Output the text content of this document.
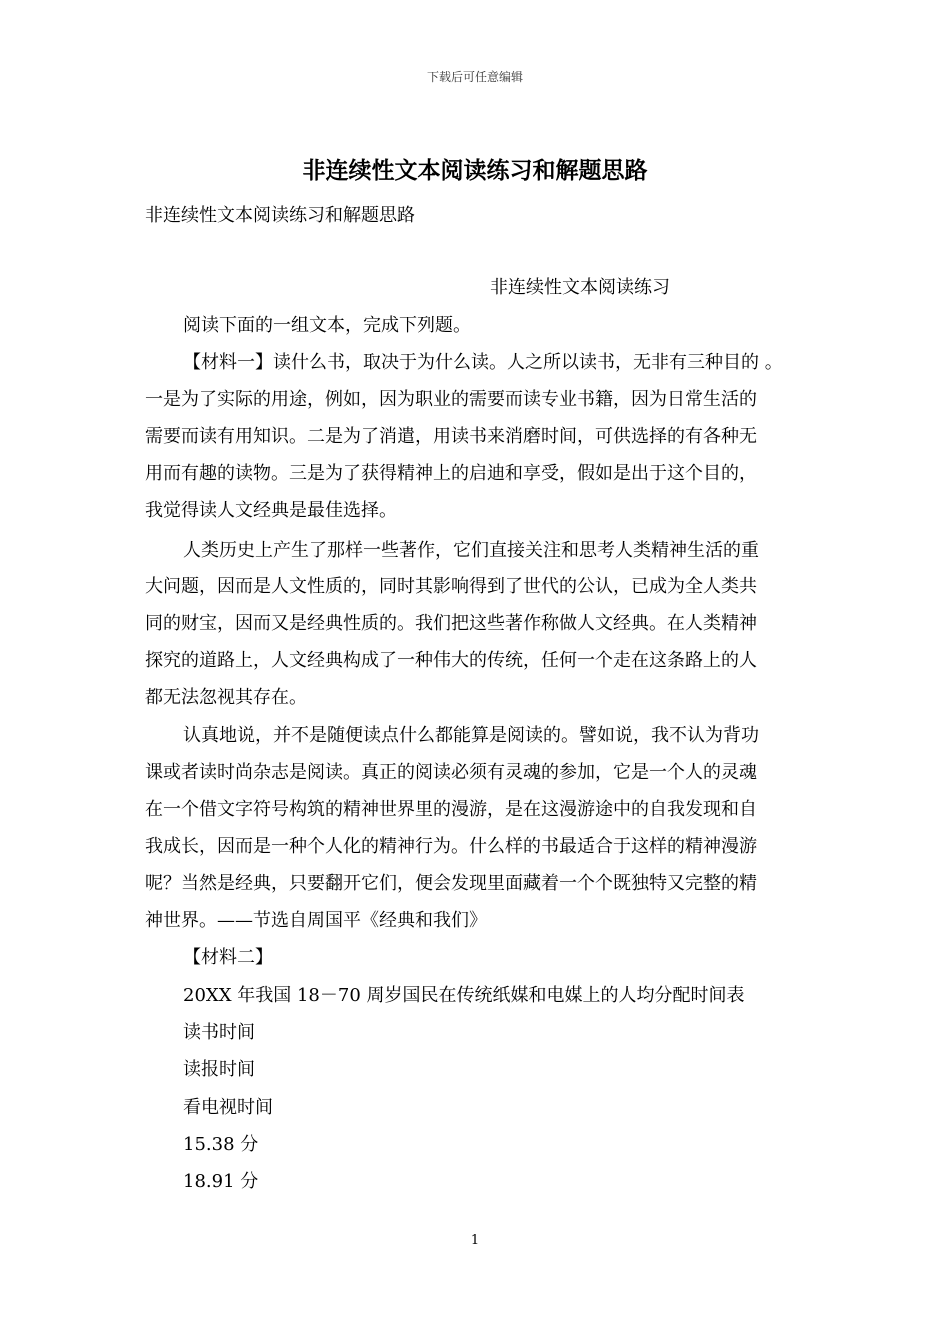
下载后可任意编辑
非连续性文本阅读练习和解题思路
非连续性文本阅读练习和解题思路
非连续性文本阅读练习
阅读下面的一组文本，完成下列题。
【材料一】读什么书，取决于为什么读。人之所以读书，无非有三种目的 。
一是为了实际的用途，例如，因为职业的需要而读专业书籍，因为日常生活的
需要而读有用知识。二是为了消遣，用读书来消磨时间，可供选择的有各种无
用而有趣的读物。三是为了获得精神上的启迪和享受，假如是出于这个目的，
我觉得读人文经典是最佳选择。
人类历史上产生了那样一些著作，它们直接关注和思考人类精神生活的重
大问题，因而是人文性质的，同时其影响得到了世代的公认，已成为全人类共
同的财宝，因而又是经典性质的。我们把这些著作称做人文经典。在人类精神
探究的道路上，人文经典构成了一种伟大的传统，任何一个走在这条路上的人
都无法忽视其存在。
认真地说，并不是随便读点什么都能算是阅读的。譬如说，我不认为背功
课或者读时尚杂志是阅读。真正的阅读必须有灵魂的参加，它是一个人的灵魂
在一个借文字符号构筑的精神世界里的漫游，是在这漫游途中的自我发现和自
我成长，因而是一种个人化的精神行为。什么样的书最适合于这样的精神漫游
呢？当然是经典，只要翻开它们，便会发现里面藏着一个个既独特又完整的精
神世界。——节选自周国平《经典和我们》
【材料二】
20XX 年我国 18－70 周岁国民在传统纸媒和电媒上的人均分配时间表
读书时间
读报时间
看电视时间
15.38 分
18.91 分
1
